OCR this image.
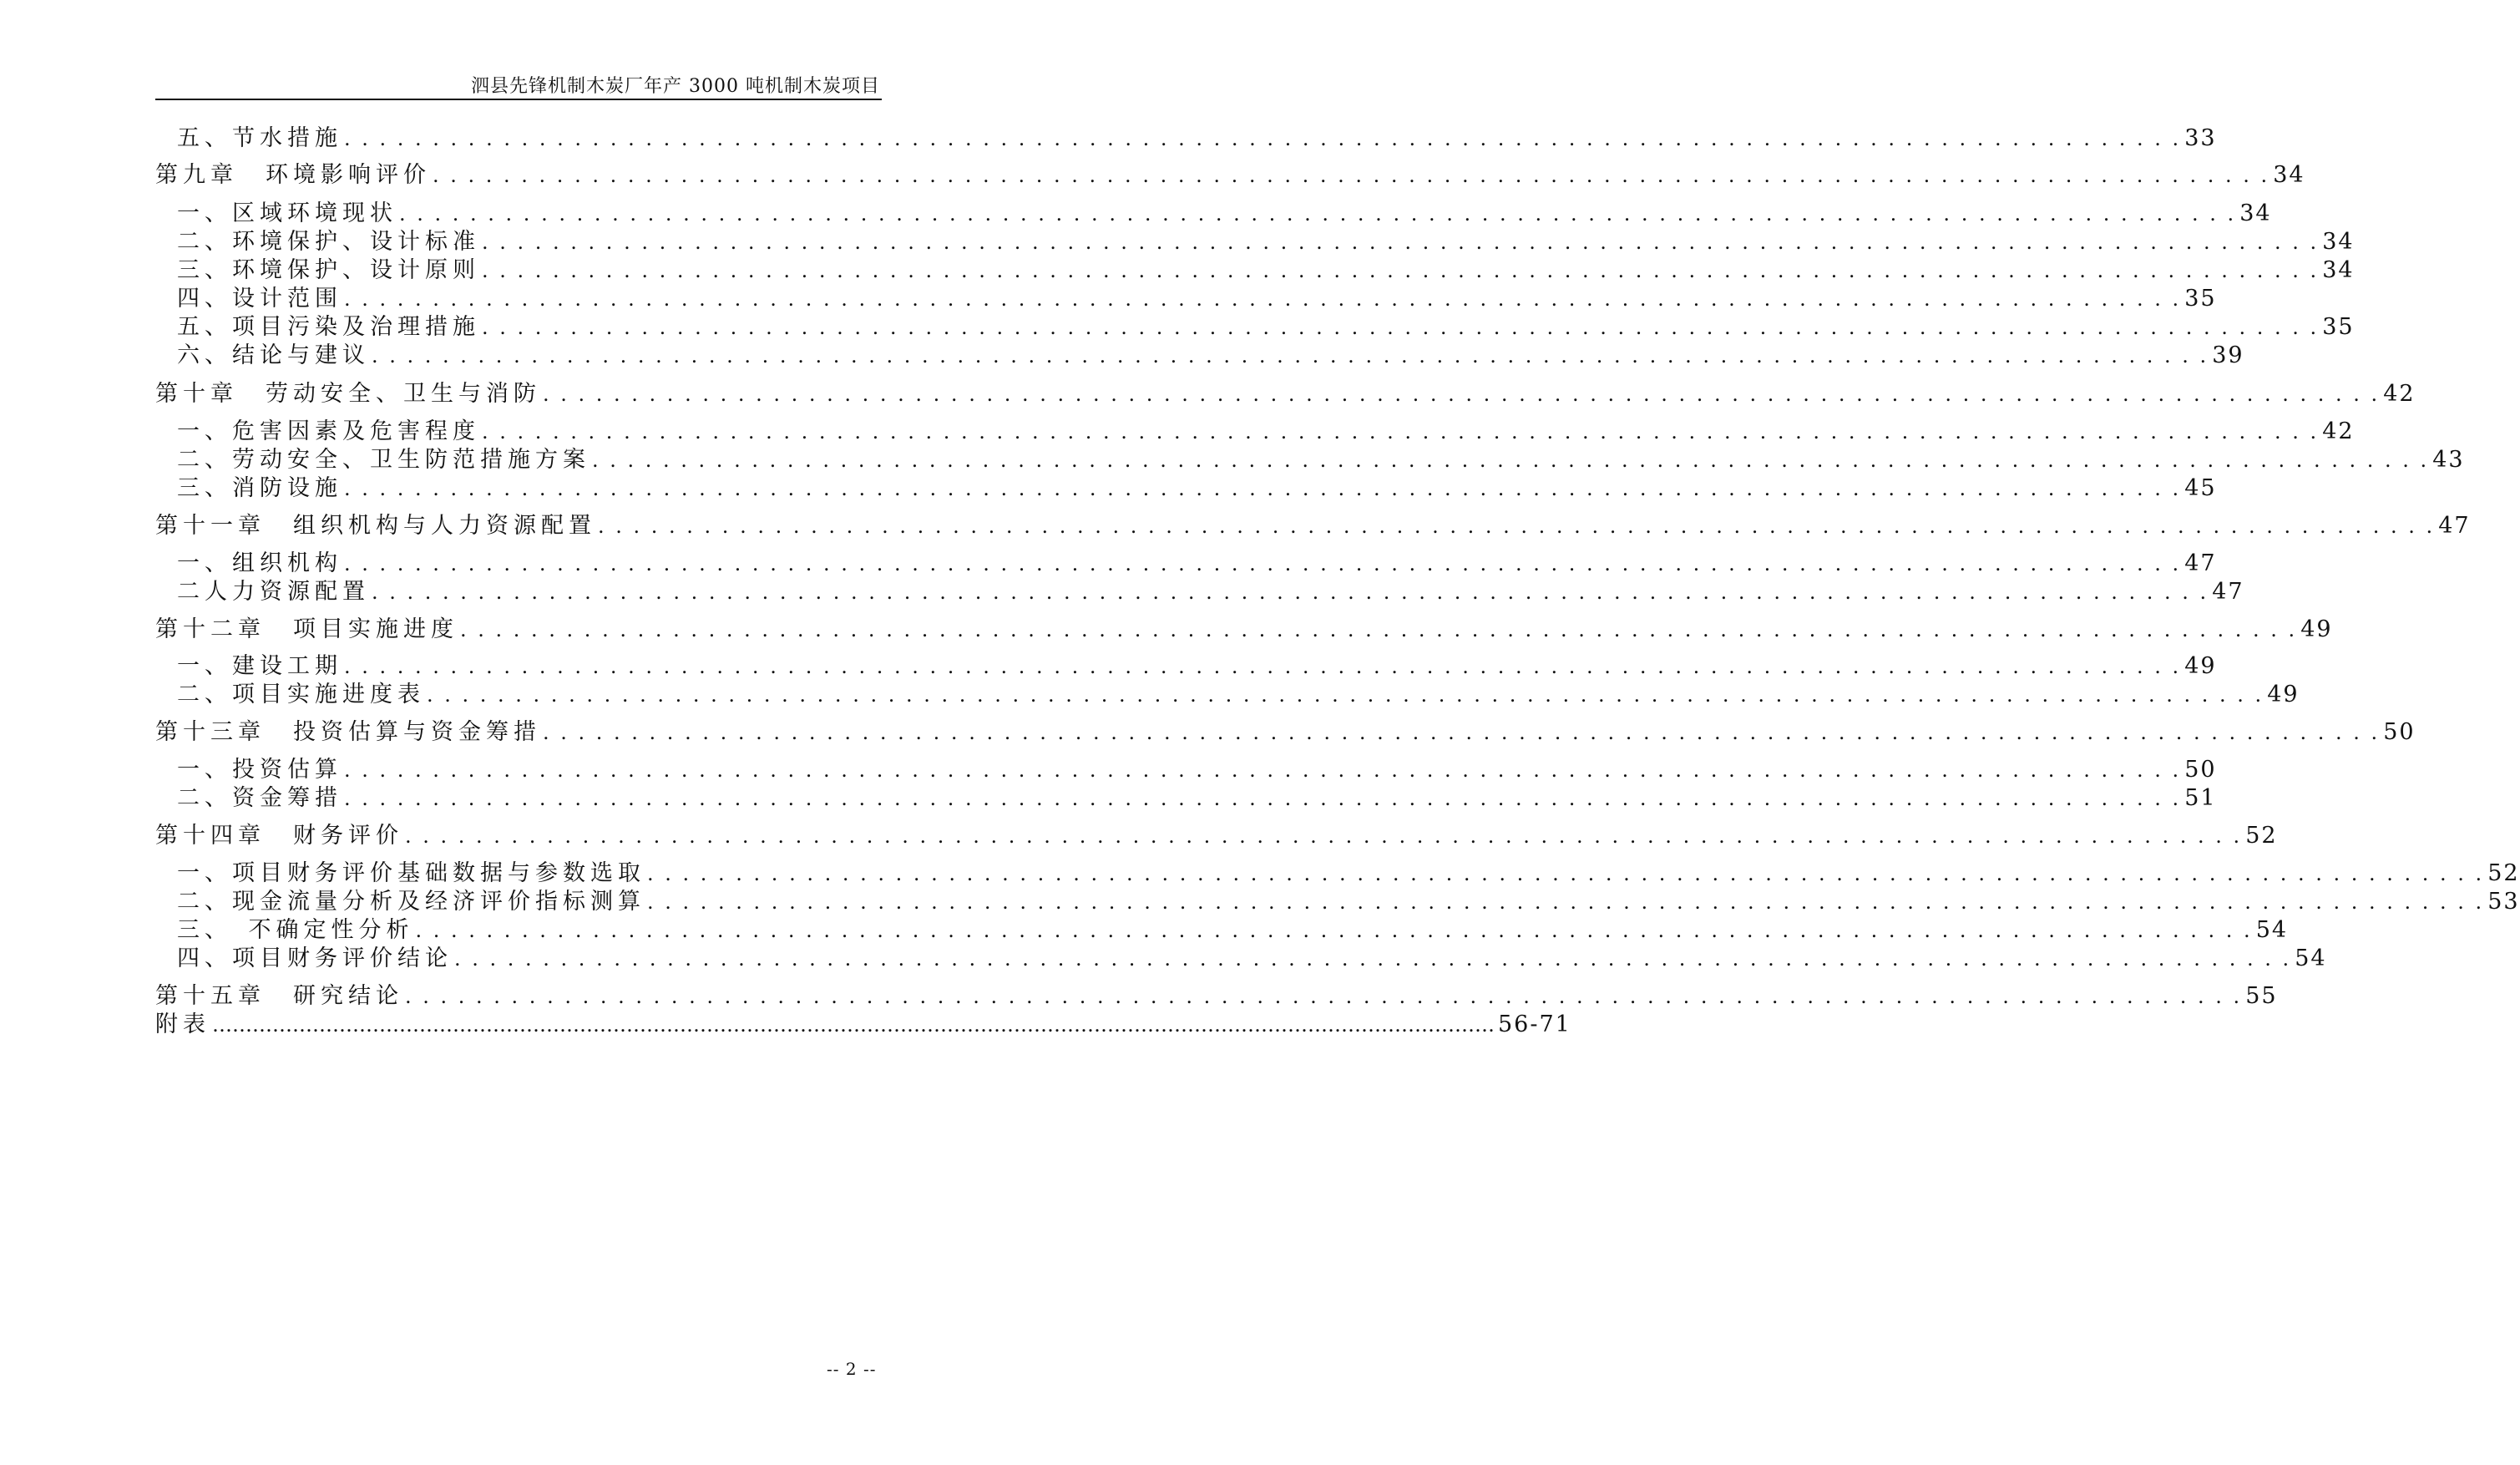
泗县先锋机制木炭厂年产 3000 吨机制木炭项目
五、节水措施 . . . . . . . . . . . . . . . . . . . . . . . . . . . . . . . . . . . . . . . . . . . . . . . . . . . . . . . . . . . . . . . . . . . . . . . . . . . . . . . . . . . . . . . . . . . . . . . . . . . . . . . . 33
第九章　环境影响评价 . . . . . . . . . . . . . . . . . . . . . . . . . . . . . . . . . . . . . . . . . . . . . . . . . . . . . . . . . . . . . . . . . . . . . . . . . . . . . . . . . . . . . . . . . . . . . . . . . . . . . . . . 34
一、区域环境现状 . . . . . . . . . . . . . . . . . . . . . . . . . . . . . . . . . . . . . . . . . . . . . . . . . . . . . . . . . . . . . . . . . . . . . . . . . . . . . . . . . . . . . . . . . . . . . . . . . . . . . . . . 34
二、环境保护、设计标准 . . . . . . . . . . . . . . . . . . . . . . . . . . . . . . . . . . . . . . . . . . . . . . . . . . . . . . . . . . . . . . . . . . . . . . . . . . . . . . . . . . . . . . . . . . . . . . . . . . . . . . . . 34
三、环境保护、设计原则 . . . . . . . . . . . . . . . . . . . . . . . . . . . . . . . . . . . . . . . . . . . . . . . . . . . . . . . . . . . . . . . . . . . . . . . . . . . . . . . . . . . . . . . . . . . . . . . . . . . . . . . . 34
四、设计范围 . . . . . . . . . . . . . . . . . . . . . . . . . . . . . . . . . . . . . . . . . . . . . . . . . . . . . . . . . . . . . . . . . . . . . . . . . . . . . . . . . . . . . . . . . . . . . . . . . . . . . . . . 35
五、项目污染及治理措施 . . . . . . . . . . . . . . . . . . . . . . . . . . . . . . . . . . . . . . . . . . . . . . . . . . . . . . . . . . . . . . . . . . . . . . . . . . . . . . . . . . . . . . . . . . . . . . . . . . . . . . . . 35
六、结论与建议 . . . . . . . . . . . . . . . . . . . . . . . . . . . . . . . . . . . . . . . . . . . . . . . . . . . . . . . . . . . . . . . . . . . . . . . . . . . . . . . . . . . . . . . . . . . . . . . . . . . . . . . . 39
第十章　劳动安全、卫生与消防 . . . . . . . . . . . . . . . . . . . . . . . . . . . . . . . . . . . . . . . . . . . . . . . . . . . . . . . . . . . . . . . . . . . . . . . . . . . . . . . . . . . . . . . . . . . . . . . . . . . . . . . . 42
一、危害因素及危害程度 . . . . . . . . . . . . . . . . . . . . . . . . . . . . . . . . . . . . . . . . . . . . . . . . . . . . . . . . . . . . . . . . . . . . . . . . . . . . . . . . . . . . . . . . . . . . . . . . . . . . . . . . 42
二、劳动安全、卫生防范措施方案 . . . . . . . . . . . . . . . . . . . . . . . . . . . . . . . . . . . . . . . . . . . . . . . . . . . . . . . . . . . . . . . . . . . . . . . . . . . . . . . . . . . . . . . . . . . . . . . . . . . . . . . . 43
三、消防设施 . . . . . . . . . . . . . . . . . . . . . . . . . . . . . . . . . . . . . . . . . . . . . . . . . . . . . . . . . . . . . . . . . . . . . . . . . . . . . . . . . . . . . . . . . . . . . . . . . . . . . . . . 45
第十一章　组织机构与人力资源配置 . . . . . . . . . . . . . . . . . . . . . . . . . . . . . . . . . . . . . . . . . . . . . . . . . . . . . . . . . . . . . . . . . . . . . . . . . . . . . . . . . . . . . . . . . . . . . . . . . . . . . . . . 47
一、组织机构 . . . . . . . . . . . . . . . . . . . . . . . . . . . . . . . . . . . . . . . . . . . . . . . . . . . . . . . . . . . . . . . . . . . . . . . . . . . . . . . . . . . . . . . . . . . . . . . . . . . . . . . . 47
二人力资源配置 . . . . . . . . . . . . . . . . . . . . . . . . . . . . . . . . . . . . . . . . . . . . . . . . . . . . . . . . . . . . . . . . . . . . . . . . . . . . . . . . . . . . . . . . . . . . . . . . . . . . . . . . 47
第十二章　项目实施进度 . . . . . . . . . . . . . . . . . . . . . . . . . . . . . . . . . . . . . . . . . . . . . . . . . . . . . . . . . . . . . . . . . . . . . . . . . . . . . . . . . . . . . . . . . . . . . . . . . . . . . . . . 49
一、建设工期 . . . . . . . . . . . . . . . . . . . . . . . . . . . . . . . . . . . . . . . . . . . . . . . . . . . . . . . . . . . . . . . . . . . . . . . . . . . . . . . . . . . . . . . . . . . . . . . . . . . . . . . . 49
二、项目实施进度表 . . . . . . . . . . . . . . . . . . . . . . . . . . . . . . . . . . . . . . . . . . . . . . . . . . . . . . . . . . . . . . . . . . . . . . . . . . . . . . . . . . . . . . . . . . . . . . . . . . . . . . . . 49
第十三章　投资估算与资金筹措 . . . . . . . . . . . . . . . . . . . . . . . . . . . . . . . . . . . . . . . . . . . . . . . . . . . . . . . . . . . . . . . . . . . . . . . . . . . . . . . . . . . . . . . . . . . . . . . . . . . . . . . . 50
一、投资估算 . . . . . . . . . . . . . . . . . . . . . . . . . . . . . . . . . . . . . . . . . . . . . . . . . . . . . . . . . . . . . . . . . . . . . . . . . . . . . . . . . . . . . . . . . . . . . . . . . . . . . . . . 50
二、资金筹措 . . . . . . . . . . . . . . . . . . . . . . . . . . . . . . . . . . . . . . . . . . . . . . . . . . . . . . . . . . . . . . . . . . . . . . . . . . . . . . . . . . . . . . . . . . . . . . . . . . . . . . . . 51
第十四章　财务评价 . . . . . . . . . . . . . . . . . . . . . . . . . . . . . . . . . . . . . . . . . . . . . . . . . . . . . . . . . . . . . . . . . . . . . . . . . . . . . . . . . . . . . . . . . . . . . . . . . . . . . . . . 52
一、项目财务评价基础数据与参数选取 . . . . . . . . . . . . . . . . . . . . . . . . . . . . . . . . . . . . . . . . . . . . . . . . . . . . . . . . . . . . . . . . . . . . . . . . . . . . . . . . . . . . . . . . . . . . . . . . . . . . . . . . 52
二、现金流量分析及经济评价指标测算 . . . . . . . . . . . . . . . . . . . . . . . . . . . . . . . . . . . . . . . . . . . . . . . . . . . . . . . . . . . . . . . . . . . . . . . . . . . . . . . . . . . . . . . . . . . . . . . . . . . . . . . . 53
三、　不确定性分析 . . . . . . . . . . . . . . . . . . . . . . . . . . . . . . . . . . . . . . . . . . . . . . . . . . . . . . . . . . . . . . . . . . . . . . . . . . . . . . . . . . . . . . . . . . . . . . . . . . . . . . . . 54
四、项目财务评价结论 . . . . . . . . . . . . . . . . . . . . . . . . . . . . . . . . . . . . . . . . . . . . . . . . . . . . . . . . . . . . . . . . . . . . . . . . . . . . . . . . . . . . . . . . . . . . . . . . . . . . . . . . 54
第十五章　研究结论 . . . . . . . . . . . . . . . . . . . . . . . . . . . . . . . . . . . . . . . . . . . . . . . . . . . . . . . . . . . . . . . . . . . . . . . . . . . . . . . . . . . . . . . . . . . . . . . . . . . . . . . . 55
附表 ………………………………………………………………………………………………………………………………………………………………………… 56-71
-- 2 --
